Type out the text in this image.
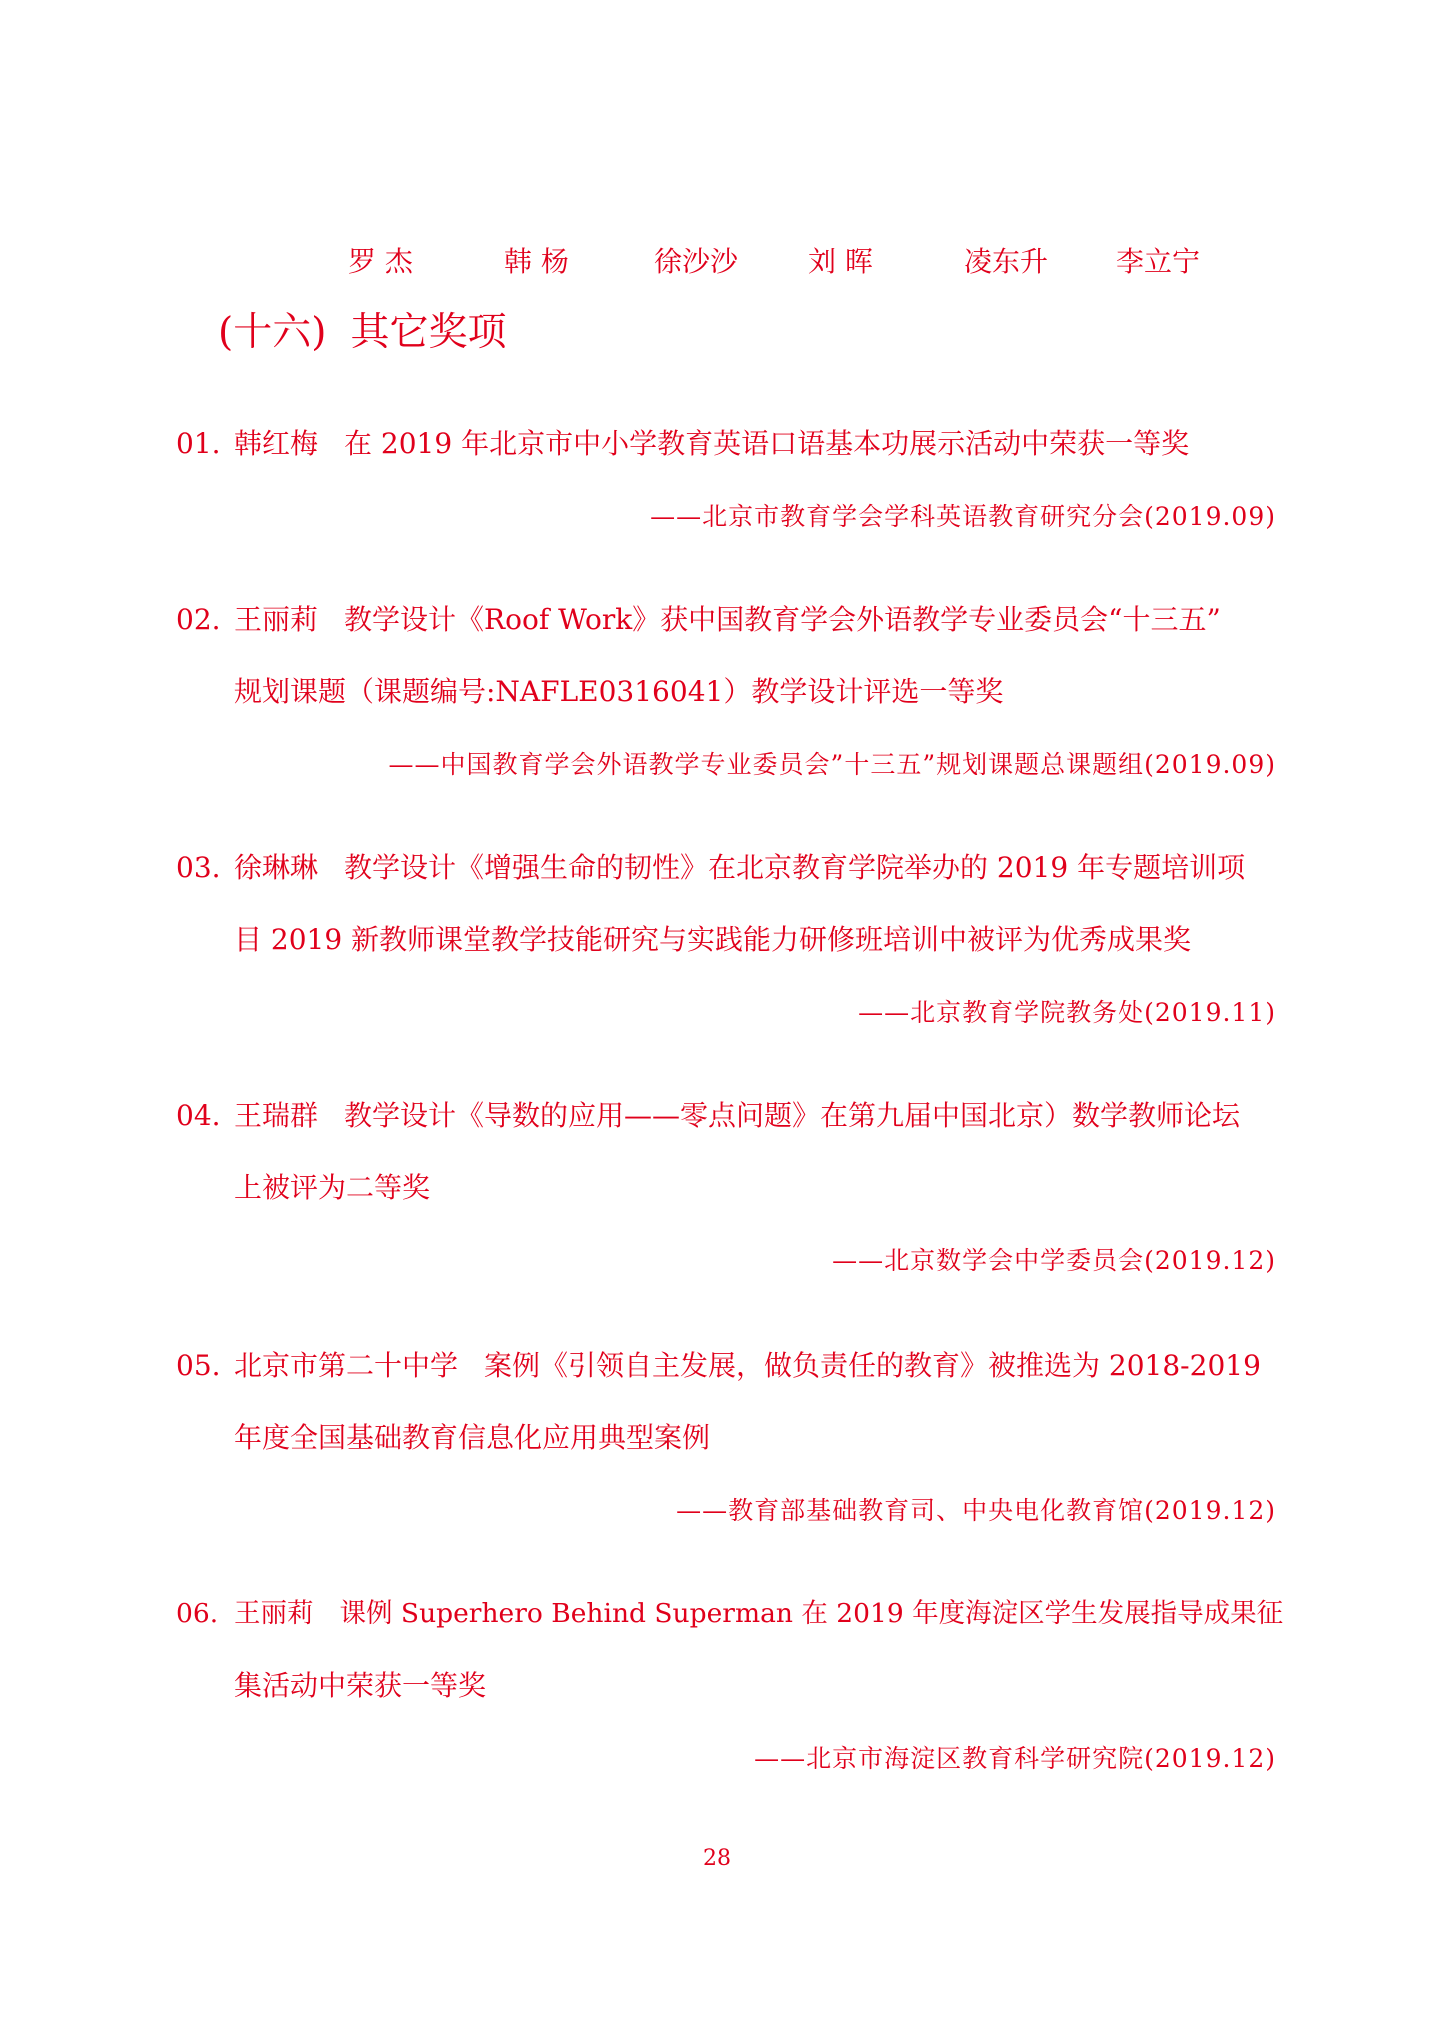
罗 杰	韩 杨	徐沙沙	刘 晖	凌东升	李立宁
(十六) 其它奖项
01. 韩红梅 在 2019 年北京市中小学教育英语口语基本功展示活动中荣获一等奖
——北京市教育学会学科英语教育研究分会(2019.09)
02. 王丽莉 教学设计《Roof Work》获中国教育学会外语教学专业委员会“十三五”
规划课题（课题编号:NAFLE0316041）教学设计评选一等奖
——中国教育学会外语教学专业委员会”十三五”规划课题总课题组(2019.09)
03. 徐琳琳 教学设计《增强生命的韧性》在北京教育学院举办的 2019 年专题培训项
目 2019 新教师课堂教学技能研究与实践能力研修班培训中被评为优秀成果奖
——北京教育学院教务处(2019.11)
04. 王瑞群 教学设计《导数的应用——零点问题》在第九届中国北京）数学教师论坛
上被评为二等奖
——北京数学会中学委员会(2019.12)
05. 北京市第二十中学 案例《引领自主发展，做负责任的教育》被推选为 2018-2019
年度全国基础教育信息化应用典型案例
——教育部基础教育司、中央电化教育馆(2019.12)
06. 王丽莉 课例 Superhero Behind Superman 在 2019 年度海淀区学生发展指导成果征
集活动中荣获一等奖
——北京市海淀区教育科学研究院(2019.12)
28
